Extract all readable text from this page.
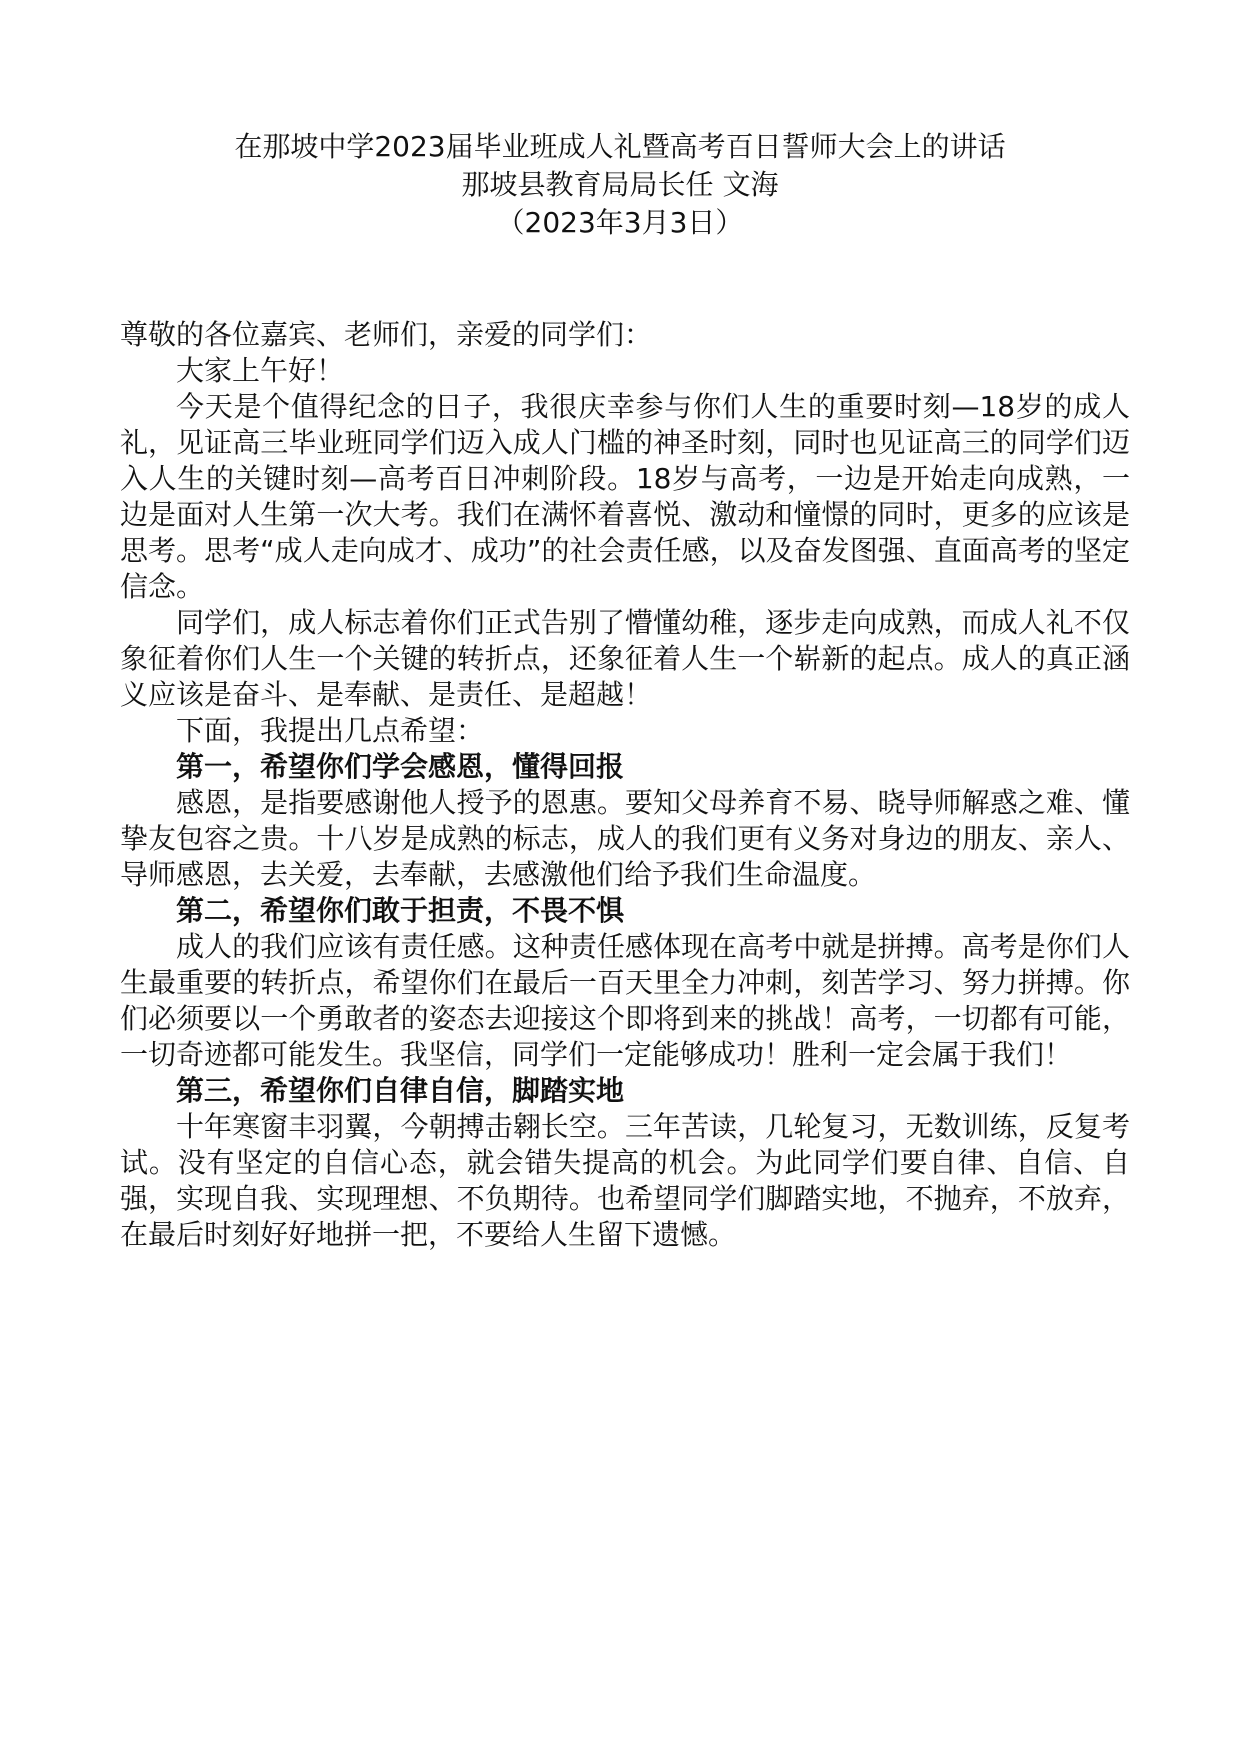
在那坡中学2023届毕业班成人礼暨高考百日誓师大会上的讲话
那坡县教育局局长任 文海
（2023年3月3日）

尊敬的各位嘉宾、老师们，亲爱的同学们：

大家上午好！

今天是个值得纪念的日子，我很庆幸参与你们人生的重要时刻—18岁的成人礼，见证高三毕业班同学们迈入成人门槛的神圣时刻，同时也见证高三的同学们迈入人生的关键时刻—高考百日冲刺阶段。18岁与高考，一边是开始走向成熟，一边是面对人生第一次大考。我们在满怀着喜悦、激动和憧憬的同时，更多的应该是思考。思考“成人走向成才、成功”的社会责任感，以及奋发图强、直面高考的坚定信念。

同学们，成人标志着你们正式告别了懵懂幼稚，逐步走向成熟，而成人礼不仅象征着你们人生一个关键的转折点，还象征着人生一个崭新的起点。成人的真正涵义应该是奋斗、是奉献、是责任、是超越！

下面，我提出几点希望：

第一，希望你们学会感恩，懂得回报

感恩，是指要感谢他人授予的恩惠。要知父母养育不易、晓导师解惑之难、懂挚友包容之贵。十八岁是成熟的标志，成人的我们更有义务对身边的朋友、亲人、导师感恩，去关爱，去奉献，去感激他们给予我们生命温度。

第二，希望你们敢于担责，不畏不惧

成人的我们应该有责任感。这种责任感体现在高考中就是拼搏。高考是你们人生最重要的转折点，希望你们在最后一百天里全力冲刺，刻苦学习、努力拼搏。你们必须要以一个勇敢者的姿态去迎接这个即将到来的挑战！高考，一切都有可能，一切奇迹都可能发生。我坚信，同学们一定能够成功！胜利一定会属于我们！

第三，希望你们自律自信，脚踏实地

十年寒窗丰羽翼，今朝搏击翱长空。三年苦读，几轮复习，无数训练，反复考试。没有坚定的自信心态，就会错失提高的机会。为此同学们要自律、自信、自强，实现自我、实现理想、不负期待。也希望同学们脚踏实地，不抛弃，不放弃，在最后时刻好好地拼一把，不要给人生留下遗憾。
